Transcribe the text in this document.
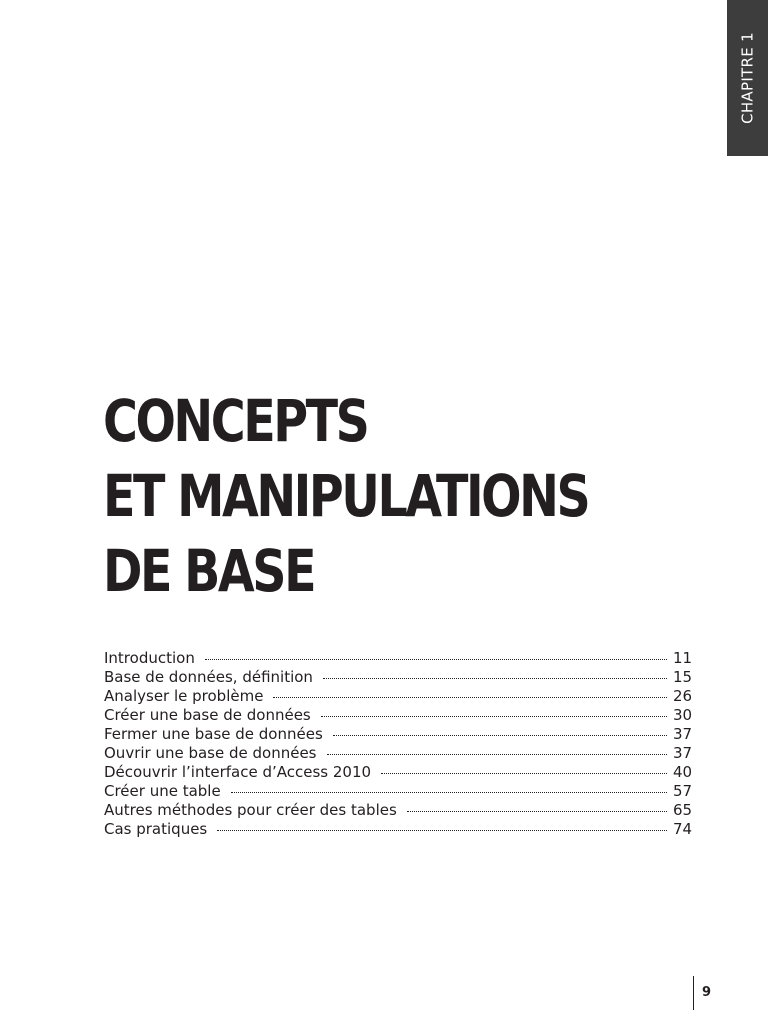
CHAPITRE 1
CONCEPTS
ET MANIPULATIONS
DE BASE
Introduction	11
Base de données, définition	15
Analyser le problème	26
Créer une base de données	30
Fermer une base de données	37
Ouvrir une base de données	37
Découvrir l’interface d’Access 2010	40
Créer une table	57
Autres méthodes pour créer des tables	65
Cas pratiques	74
9
